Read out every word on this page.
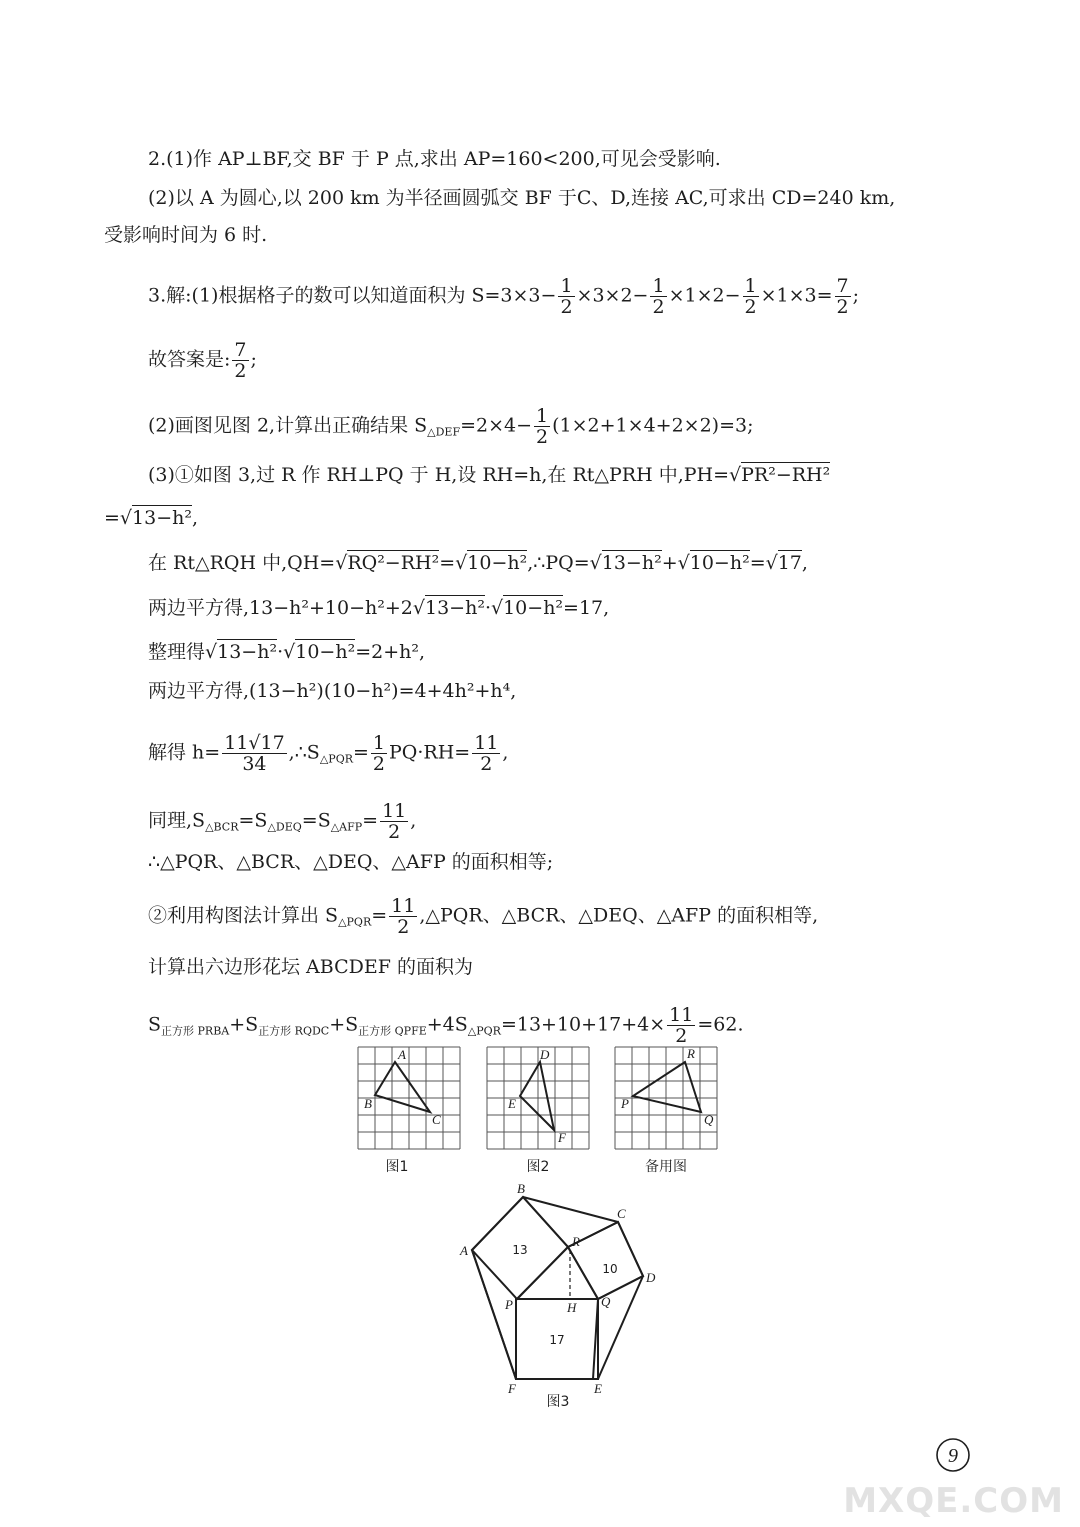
2.(1)作 AP⊥BF,交 BF 于 P 点,求出 AP=160<200,可见会受影响.
(2)以 A 为圆心,以 200 km 为半径画圆弧交 BF 于C、D,连接 AC,可求出 CD=240 km,
受影响时间为 6 时.
3.解:(1)根据格子的数可以知道面积为 $S=3\times 3- \frac{1}{2} \times 3\times 2- \frac{1}{2} \times 1\times 2- \frac{1}{2} \times 1\times 3= \frac{7}{2}$ ;
故答案是: $\frac{7}{2}$ ;
(2)画图见图 2,计算出正确结果 $S_{\triangle DEF}=2\times 4- \frac{1}{2} (1\times 2+1\times 4+2\times 2)=3$;
(3)①如图 3,过 R 作 RH⊥PQ 于 H,设 RH=h,在 Rt△PRH 中,PH=√PR²−RH²
=√13−h²,
在 Rt△RQH 中,QH=√RQ²−RH²=√10−h²,∴PQ=√13−h²+√10−h²=√17,
两边平方得,13−h²+10−h²+2√13−h²·√10−h²=17,
整理得√13−h²·√10−h²=2+h²,
两边平方得,(13−h²)(10−h²)=4+4h²+h⁴,
解得 $h= \frac{11√17}{34}$ $,\therefore S_{\triangle PQR}= \frac{1}{2} PQ\cdot RH= \frac{11}{2}$ ,
同理$,S_{\triangle BCR}=S_{\triangle DEQ}=S_{\triangle AFP}= \frac{11}{2}$ ,
∴△PQR、△BCR、△DEQ、△AFP 的面积相等;
②利用构图法计算出 $S_{\triangle PQR}= \frac{11}{2}$ ,△PQR、△BCR、△DEQ、△AFP 的面积相等,
计算出六边形花坛 ABCDEF 的面积为
$S_{正方形 PRBA}+S_{正方形 RQDC}+S_{正方形 QPFE}+4S_{\triangle PQR}=13+10+17+4\times \frac{11}{2} =62$.
A
B
C
D
E
F
R
P
Q
图1	图2	备用图
B
C
A
R
D
P	H Q
F	E
13
10
17
图3
9
MXQE.COM
